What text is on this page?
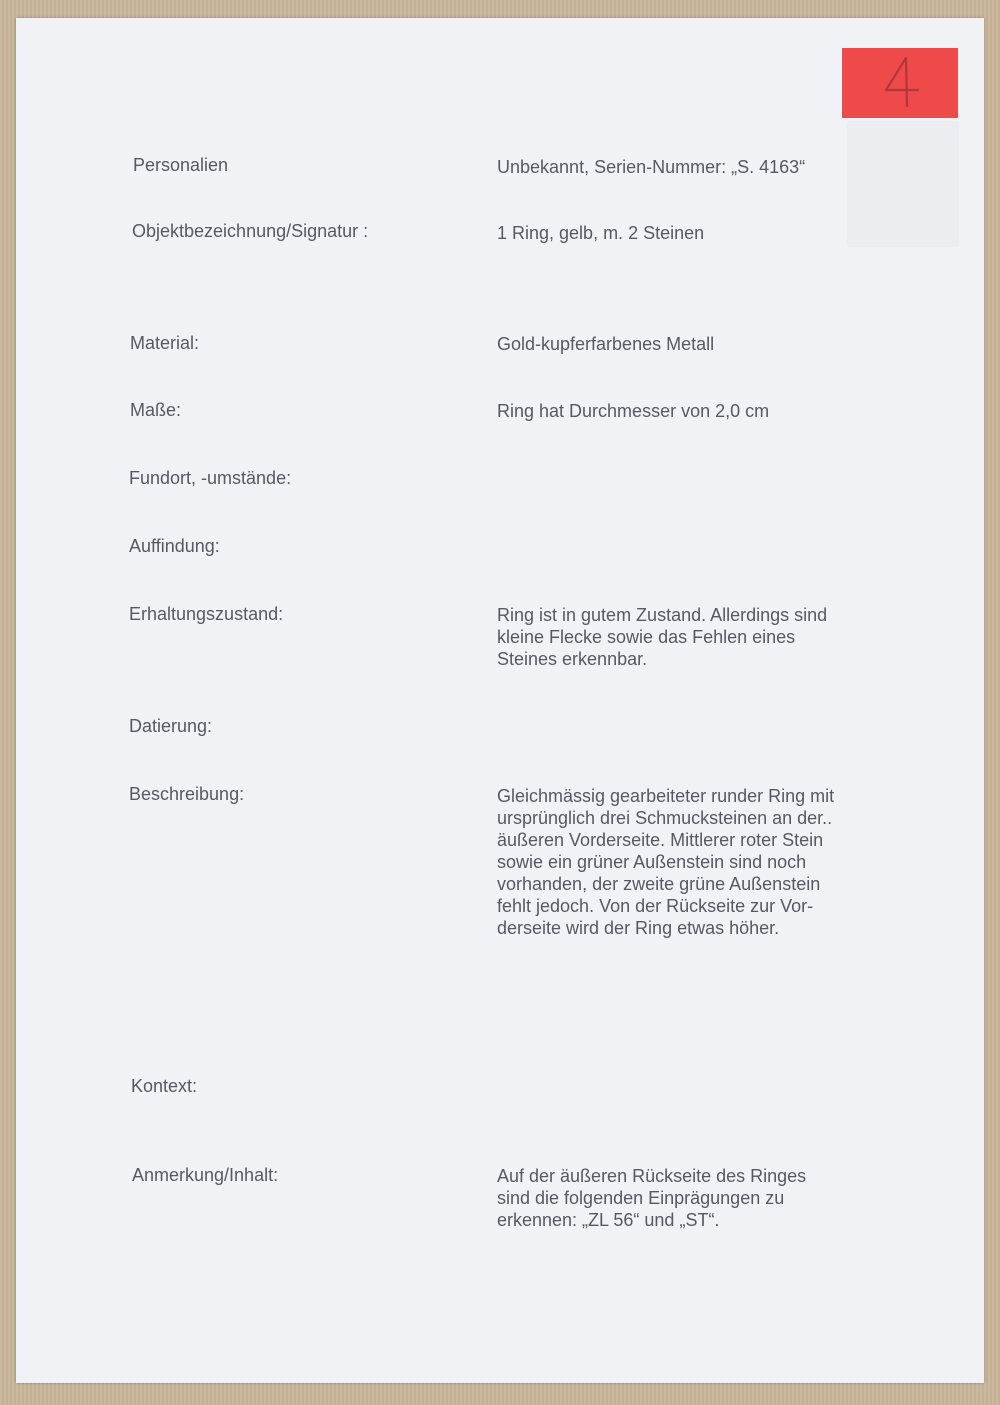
Personalien	Unbekannt, Serien-Nummer: „S. 4163“
Objektbezeichnung/Signatur :	1 Ring, gelb, m. 2 Steinen
Material:	Gold-kupferfarbenes Metall
Maße:	Ring hat Durchmesser von 2,0 cm
Fundort, -umstände:
Auffindung:
Erhaltungszustand:	Ring ist in gutem Zustand. Allerdings sind
kleine Flecke sowie das Fehlen eines
Steines erkennbar.
Datierung:
Beschreibung:	Gleichmässig gearbeiteter runder Ring mit
ursprünglich drei Schmucksteinen an der..
äußeren Vorderseite. Mittlerer roter Stein
sowie ein grüner Außenstein sind noch
vorhanden, der zweite grüne Außenstein
fehlt jedoch. Von der Rückseite zur Vor-
derseite wird der Ring etwas höher.
Kontext:
Anmerkung/Inhalt:	Auf der äußeren Rückseite des Ringes
sind die folgenden Einprägungen zu
erkennen: „ZL 56“ und „ST“.
